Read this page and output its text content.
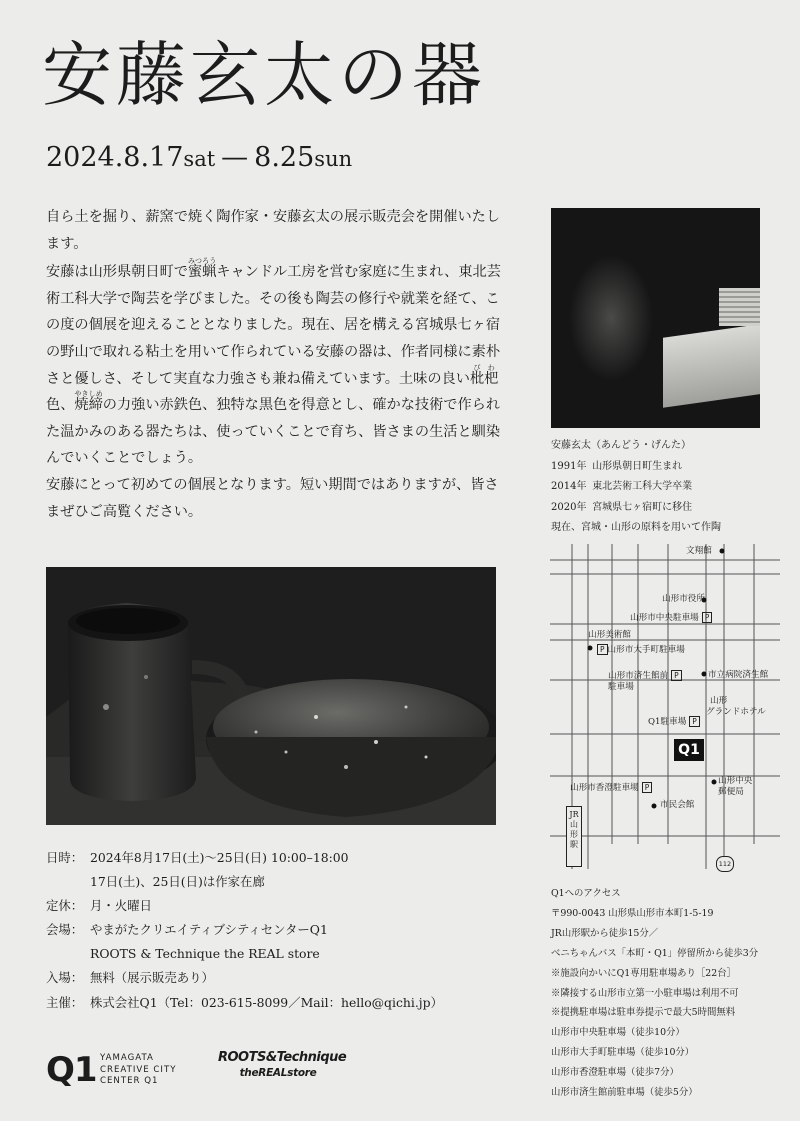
安藤玄太の器
2024.8.17sat — 8.25sun

自ら土を掘り、薪窯で焼く陶作家・安藤玄太の展示販売会を開催いたします。

安藤は山形県朝日町で蜜蝋みつろうキャンドル工房を営む家庭に生まれ、東北芸術工科大学で陶芸を学びました。その後も陶芸の修行や就業を経て、この度の個展を迎えることとなりました。現在、居を構える宮城県七ヶ宿の野山で取れる粘土を用いて作られている安藤の器は、作者同様に素朴さと優しさ、そして実直な力強さも兼ね備えています。土味の良い枇杷びわ色、焼締やきしめの力強い赤鉄色、独特な黒色を得意とし、確かな技術で作られた温かみのある器たちは、使っていくことで育ち、皆さまの生活と馴染んでいくことでしょう。

安藤にとって初めての個展となります。短い期間ではありますが、皆さまぜひご高覧ください。

安藤玄太（あんどう・げんた）
1991年 山形県朝日町生まれ
2014年 東北芸術工科大学卒業
2020年 宮城県七ヶ宿町に移住
現在、宮城・山形の原料を用いて作陶
文翔館
山形市役所
山形市中央駐車場 P
山形美術館
P 山形市大手町駐車場
山形市済生館前 P
駐車場
市立病院済生館
山形
グランドホテル
Q1駐車場 P
Q1
山形市香澄駐車場 P
山形中央
郵便局
市民会館
JR山形駅
112
日時： 2024年8月17日(土)～25日(日) 10:00–18:00
17日(土)、25日(日)は作家在廊
定休： 月・火曜日
会場： やまがたクリエイティブシティセンターQ1
ROOTS & Technique the REAL store
入場： 無料（展示販売あり）
主催： 株式会社Q1（Tel：023-615-8099／Mail：hello@qichi.jp）
Q1へのアクセス
〒990-0043 山形県山形市本町1-5-19
JR山形駅から徒歩15分／
べニちゃんバス「本町・Q1」停留所から徒歩3分
※施設向かいにQ1専用駐車場あり［22台］
※隣接する山形市立第一小駐車場は利用不可
※提携駐車場は駐車券提示で最大5時間無料
山形市中央駐車場（徒歩10分）
山形市大手町駐車場（徒歩10分）
山形市香澄駐車場（徒歩7分）
山形市済生館前駐車場（徒歩5分）
Q1 YAMAGATA
CREATIVE CITY
CENTER Q1
ROOTS&Technique
theREALstore
